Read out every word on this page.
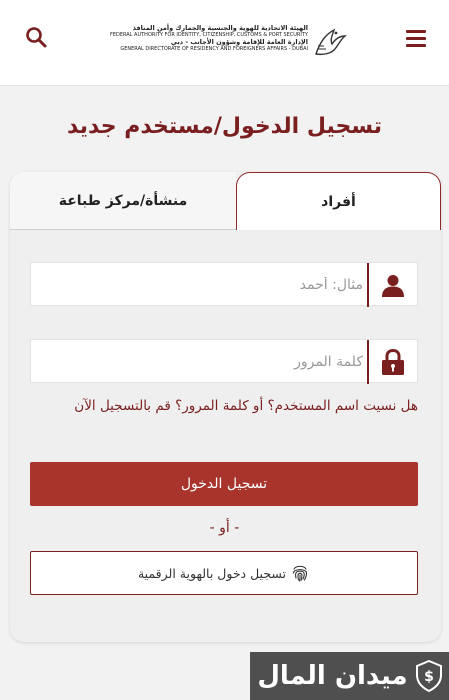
الهيئة الاتحادية للهوية والجنسية والجمارك وأمن المنافذ
FEDERAL AUTHORITY FOR IDENTITY, CITIZENSHIP, CUSTOMS & PORT SECURITY
الإدارة العامة للإقامة وشؤون الأجانب - دبي
GENERAL DIRECTORATE OF RESIDENCY AND FOREIGNERS AFFAIRS - DUBAI
تسجيل الدخول/مستخدم جديد
منشأة/مركز طباعة	أفراد
مثال: أحمد
هل نسيت اسم المستخدم؟ أو كلمة المرور؟ قم بالتسجيل الآن
تسجيل الدخول
- أو -
تسجيل دخول بالهوية الرقمية
$
ميدان المال
